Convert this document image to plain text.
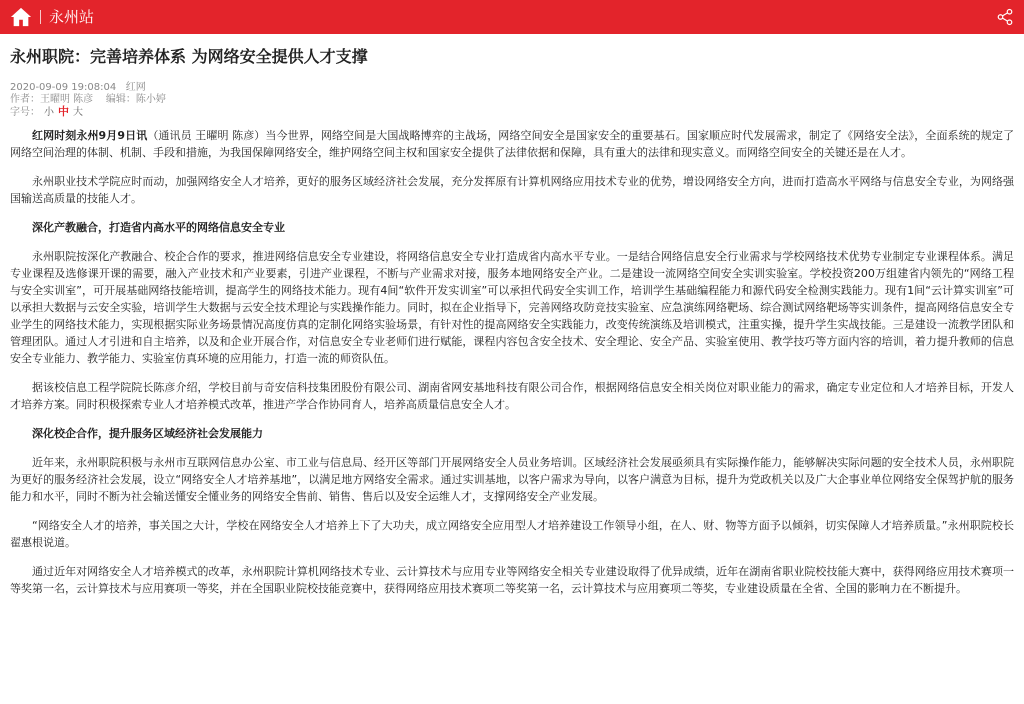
永州站
永州职院：完善培养体系 为网络安全提供人才支撑
2020-09-09 19:08:04 红网
作者：王曜明 陈彦 编辑：陈小婷
字号： 小 中 大

红网时刻永州9月9日讯（通讯员 王曜明 陈彦）当今世界，网络空间是大国战略博弈的主战场，网络空间安全是国家安全的重要基石。国家顺应时代发展需求，制定了《网络安全法》，全面系统的规定了网络空间治理的体制、机制、手段和措施，为我国保障网络安全，维护网络空间主权和国家安全提供了法律依据和保障，具有重大的法律和现实意义。而网络空间安全的关键还是在人才。

永州职业技术学院应时而动，加强网络安全人才培养，更好的服务区域经济社会发展，充分发挥原有计算机网络应用技术专业的优势，增设网络安全方向，进而打造高水平网络与信息安全专业，为网络强国输送高质量的技能人才。

深化产教融合，打造省内高水平的网络信息安全专业

永州职院按深化产教融合、校企合作的要求，推进网络信息安全专业建设，将网络信息安全专业打造成省内高水平专业。一是结合网络信息安全行业需求与学校网络技术优势专业制定专业课程体系。满足专业课程及选修课开课的需要，融入产业技术和产业要素，引进产业课程，不断与产业需求对接，服务本地网络安全产业。二是建设一流网络空间安全实训实验室。学校投资200万组建省内领先的“网络工程与安全实训室”，可开展基础网络技能培训，提高学生的网络技术能力。现有4间“软件开发实训室”可以承担代码安全实训工作，培训学生基础编程能力和源代码安全检测实践能力。现有1间“云计算实训室”可以承担大数据与云安全实验，培训学生大数据与云安全技术理论与实践操作能力。同时，拟在企业指导下，完善网络攻防竞技实验室、应急演练网络靶场、综合测试网络靶场等实训条件，提高网络信息安全专业学生的网络技术能力，实现根据实际业务场景情况高度仿真的定制化网络实验场景，有针对性的提高网络安全实践能力，改变传统演练及培训模式，注重实操，提升学生实战技能。三是建设一流教学团队和管理团队。通过人才引进和自主培养，以及和企业开展合作，对信息安全专业老师们进行赋能，课程内容包含安全技术、安全理论、安全产品、实验室使用、教学技巧等方面内容的培训，着力提升教师的信息安全专业能力、教学能力、实验室仿真环境的应用能力，打造一流的师资队伍。

据该校信息工程学院院长陈彦介绍，学校目前与奇安信科技集团股份有限公司、湖南省网安基地科技有限公司合作，根据网络信息安全相关岗位对职业能力的需求，确定专业定位和人才培养目标，开发人才培养方案。同时积极探索专业人才培养模式改革，推进产学合作协同育人，培养高质量信息安全人才。

深化校企合作，提升服务区域经济社会发展能力

近年来，永州职院积极与永州市互联网信息办公室、市工业与信息局、经开区等部门开展网络安全人员业务培训。区域经济社会发展亟须具有实际操作能力，能够解决实际问题的安全技术人员，永州职院为更好的服务经济社会发展，设立“网络安全人才培养基地”，以满足地方网络安全需求。通过实训基地，以客户需求为导向，以客户满意为目标，提升为党政机关以及广大企事业单位网络安全保驾护航的服务能力和水平，同时不断为社会输送懂安全懂业务的网络安全售前、销售、售后以及安全运维人才，支撑网络安全产业发展。

“网络安全人才的培养，事关国之大计，学校在网络安全人才培养上下了大功夫，成立网络安全应用型人才培养建设工作领导小组，在人、财、物等方面予以倾斜，切实保障人才培养质量。”永州职院校长翟惠根说道。

通过近年对网络安全人才培养模式的改革，永州职院计算机网络技术专业、云计算技术与应用专业等网络安全相关专业建设取得了优异成绩，近年在湖南省职业院校技能大赛中，获得网络应用技术赛项一等奖第一名，云计算技术与应用赛项一等奖，并在全国职业院校技能竞赛中，获得网络应用技术赛项二等奖第一名，云计算技术与应用赛项二等奖，专业建设质量在全省、全国的影响力在不断提升。
